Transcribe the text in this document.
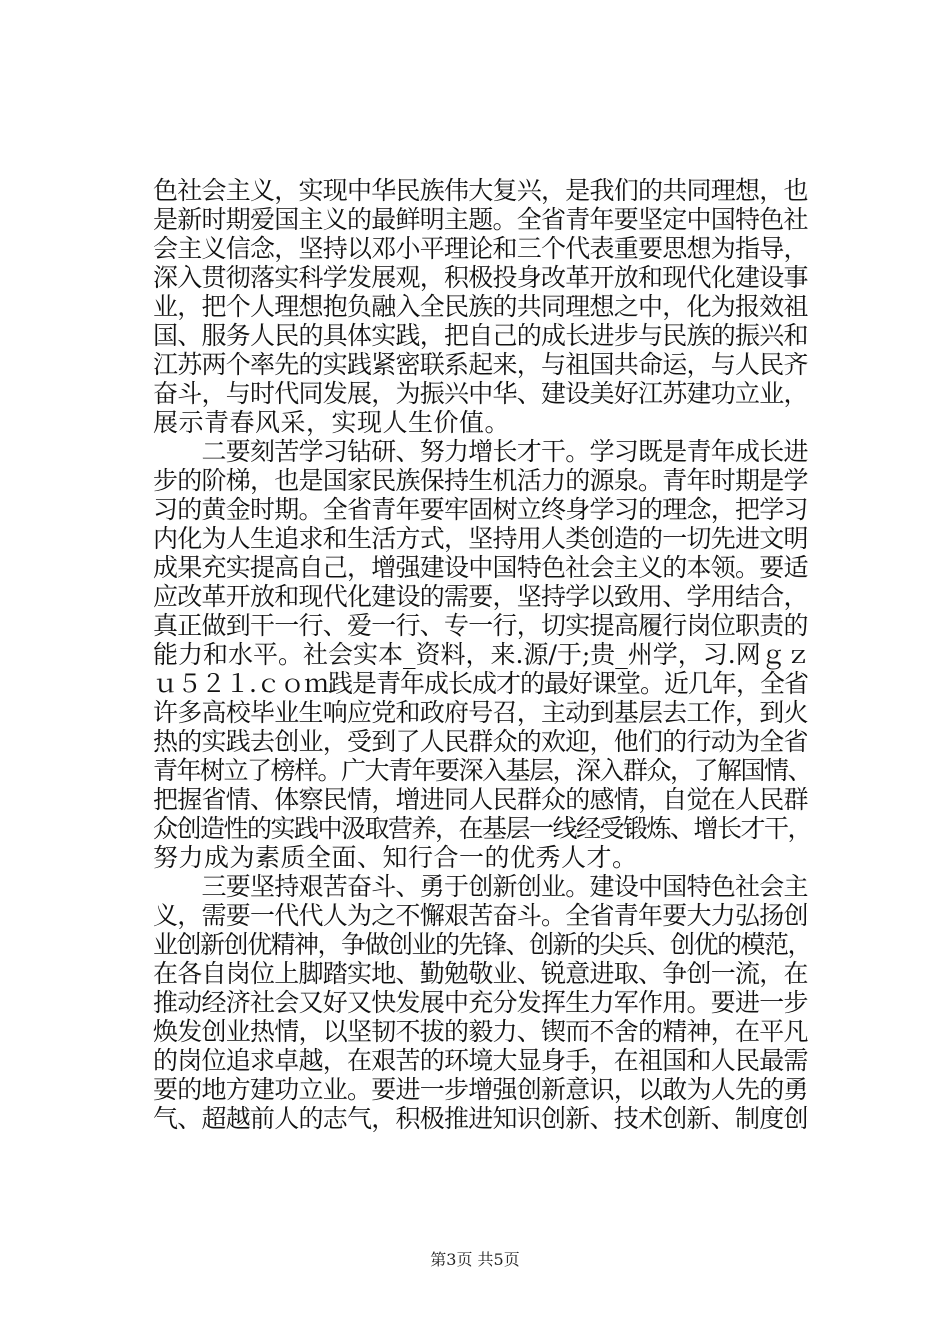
色社会主义，实现中华民族伟大复兴，是我们的共同理想，也
是新时期爱国主义的最鲜明主题。全省青年要坚定中国特色社
会主义信念，坚持以邓小平理论和三个代表重要思想为指导，
深入贯彻落实科学发展观，积极投身改革开放和现代化建设事
业，把个人理想抱负融入全民族的共同理想之中，化为报效祖
国、服务人民的具体实践，把自己的成长进步与民族的振兴和
江苏两个率先的实践紧密联系起来，与祖国共命运，与人民齐
奋斗，与时代同发展，为振兴中华、建设美好江苏建功立业，
展示青春风采，实现人生价值。
　　二要刻苦学习钻研、努力增长才干。学习既是青年成长进
步的阶梯，也是国家民族保持生机活力的源泉。青年时期是学
习的黄金时期。全省青年要牢固树立终身学习的理念，把学习
内化为人生追求和生活方式，坚持用人类创造的一切先进文明
成果充实提高自己，增强建设中国特色社会主义的本领。要适
应改革开放和现代化建设的需要，坚持学以致用、学用结合，
真正做到干一行、爱一行、专一行，切实提高履行岗位职责的
能力和水平。社会实本_资料，来.源/于;贵_州学，习.网ｇｚ
ｕ５２１.ｃｏｍ践是青年成长成才的最好课堂。近几年，全省
许多高校毕业生响应党和政府号召，主动到基层去工作，到火
热的实践去创业，受到了人民群众的欢迎，他们的行动为全省
青年树立了榜样。广大青年要深入基层，深入群众，了解国情、
把握省情、体察民情，增进同人民群众的感情，自觉在人民群
众创造性的实践中汲取营养，在基层一线经受锻炼、增长才干，
努力成为素质全面、知行合一的优秀人才。
　　三要坚持艰苦奋斗、勇于创新创业。建设中国特色社会主
义，需要一代代人为之不懈艰苦奋斗。全省青年要大力弘扬创
业创新创优精神，争做创业的先锋、创新的尖兵、创优的模范，
在各自岗位上脚踏实地、勤勉敬业、锐意进取、争创一流，在
推动经济社会又好又快发展中充分发挥生力军作用。要进一步
焕发创业热情，以坚韧不拔的毅力、锲而不舍的精神，在平凡
的岗位追求卓越，在艰苦的环境大显身手，在祖国和人民最需
要的地方建功立业。要进一步增强创新意识，以敢为人先的勇
气、超越前人的志气，积极推进知识创新、技术创新、制度创
第3页 共5页
